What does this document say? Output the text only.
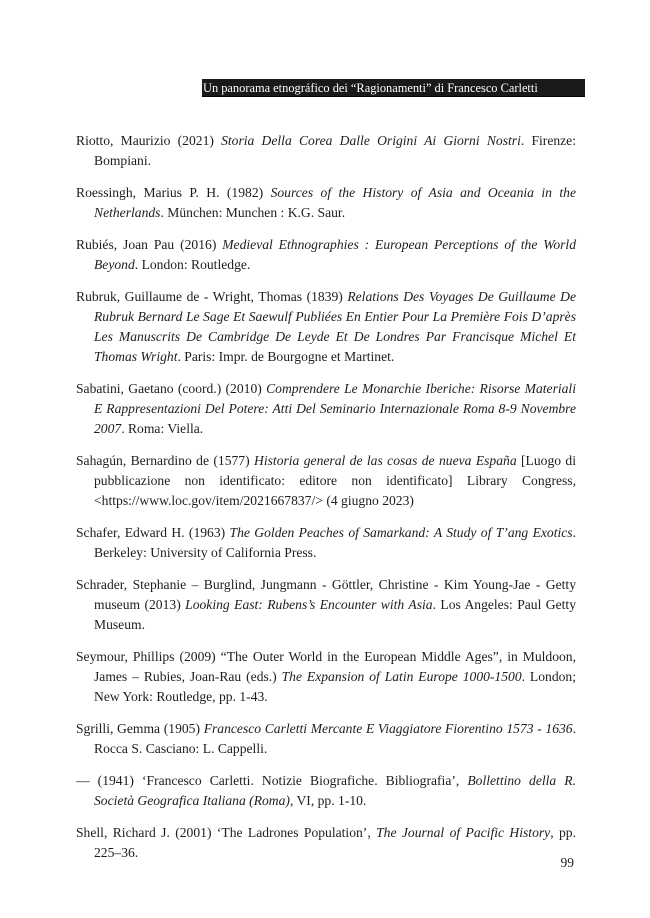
Un panorama etnográfico dei “Ragionamenti” di Francesco Carletti

Riotto, Maurizio (2021) Storia Della Corea Dalle Origini Ai Giorni Nostri. Firenze: Bompiani.

Roessingh, Marius P. H. (1982) Sources of the History of Asia and Oceania in the Netherlands. München: Munchen : K.G. Saur.

Rubiés, Joan Pau (2016) Medieval Ethnographies : European Perceptions of the World Beyond. London: Routledge.

Rubruk, Guillaume de - Wright, Thomas (1839) Relations Des Voyages De Guillaume De Rubruk Bernard Le Sage Et Saewulf Publiées En Entier Pour La Première Fois D’après Les Manuscrits De Cambridge De Leyde Et De Londres Par Francisque Michel Et Thomas Wright. Paris: Impr. de Bourgogne et Martinet.

Sabatini, Gaetano (coord.) (2010) Comprendere Le Monarchie Iberiche: Risorse Materiali E Rappresentazioni Del Potere: Atti Del Seminario Internazionale Roma 8-9 Novembre 2007. Roma: Viella.

Sahagún, Bernardino de (1577) Historia general de las cosas de nueva España [Luogo di pubblicazione non identificato: editore non identificato] Library Congress, <https://www.loc.gov/item/2021667837/> (4 giugno 2023)

Schafer, Edward H. (1963) The Golden Peaches of Samarkand: A Study of T’ang Exotics. Berkeley: University of California Press.

Schrader, Stephanie – Burglind, Jungmann - Göttler, Christine - Kim Young-Jae - Getty museum (2013) Looking East: Rubens’s Encounter with Asia. Los Angeles: Paul Getty Museum.

Seymour, Phillips (2009) “The Outer World in the European Middle Ages”, in Muldoon, James – Rubies, Joan-Rau (eds.) The Expansion of Latin Europe 1000-1500. London; New York: Routledge, pp. 1-43.

Sgrilli, Gemma (1905) Francesco Carletti Mercante E Viaggiatore Fiorentino 1573 - 1636. Rocca S. Casciano: L. Cappelli.

— (1941) ‘Francesco Carletti. Notizie Biografiche. Bibliografia’, Bollettino della R. Società Geografica Italiana (Roma), VI, pp. 1-10.

Shell, Richard J. (2001) ‘The Ladrones Population’, The Journal of Pacific History, pp. 225–36.

99
